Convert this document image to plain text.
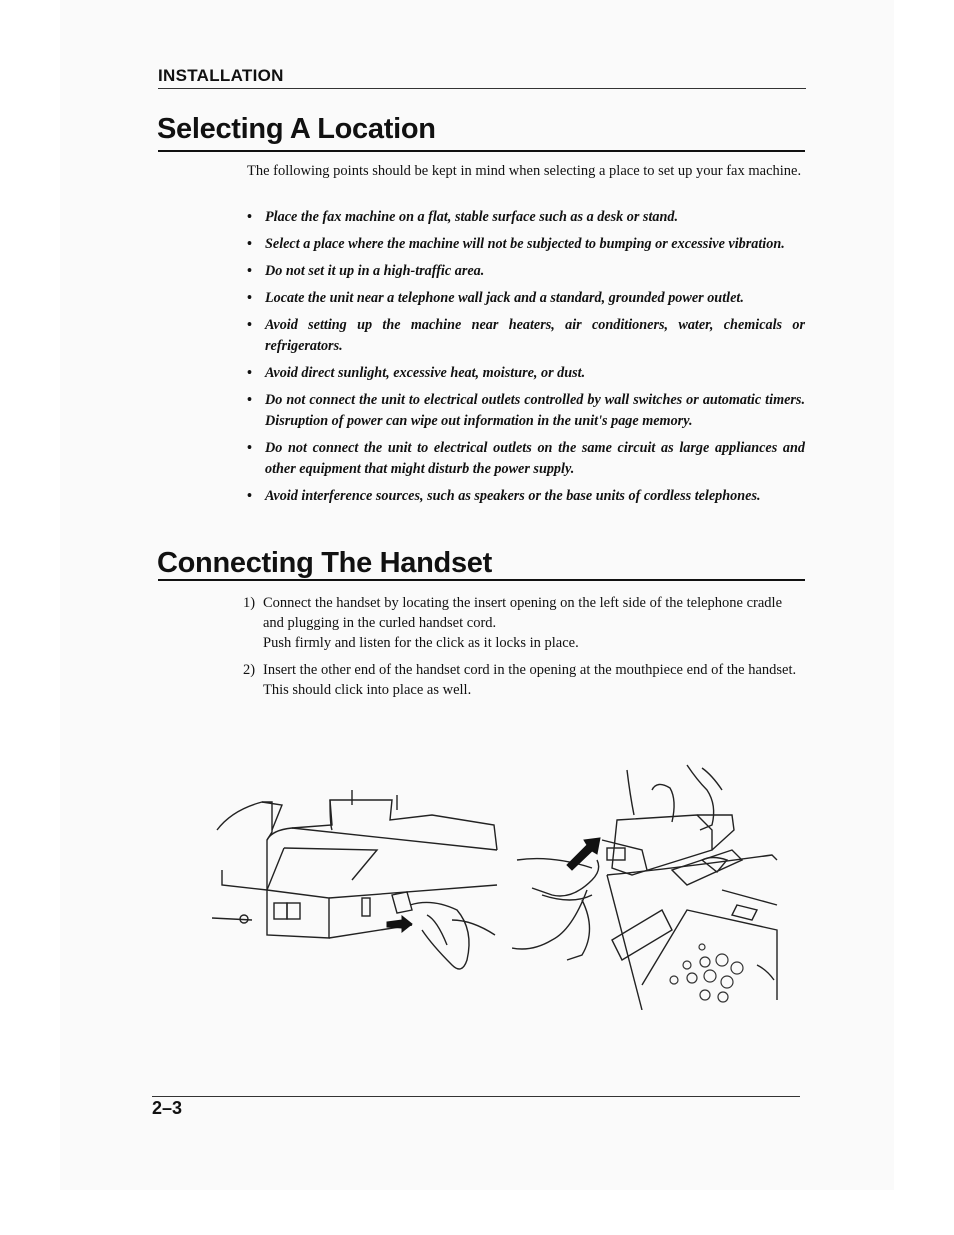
INSTALLATION
Selecting A Location
The following points should be kept in mind when selecting a place to set up your fax machine.
• Place the fax machine on a flat, stable surface such as a desk or stand.
• Select a place where the machine will not be subjected to bumping or excessive vibration.
• Do not set it up in a high-traffic area.
• Locate the unit near a telephone wall jack and a standard, grounded power outlet.
• Avoid setting up the machine near heaters, air conditioners, water, chemicals or refrigerators.
• Avoid direct sunlight, excessive heat, moisture, or dust.
• Do not connect the unit to electrical outlets controlled by wall switches or automatic timers. Disruption of power can wipe out information in the unit's page memory.
• Do not connect the unit to electrical outlets on the same circuit as large appliances and other equipment that might disturb the power supply.
• Avoid interference sources, such as speakers or the base units of cordless telephones.
Connecting The Handset
1) Connect the handset by locating the insert opening on the left side of the telephone cradle and plugging in the curled handset cord.
Push firmly and listen for the click as it locks in place.
2) Insert the other end of the handset cord in the opening at the mouthpiece end of the handset. This should click into place as well.
2–3
